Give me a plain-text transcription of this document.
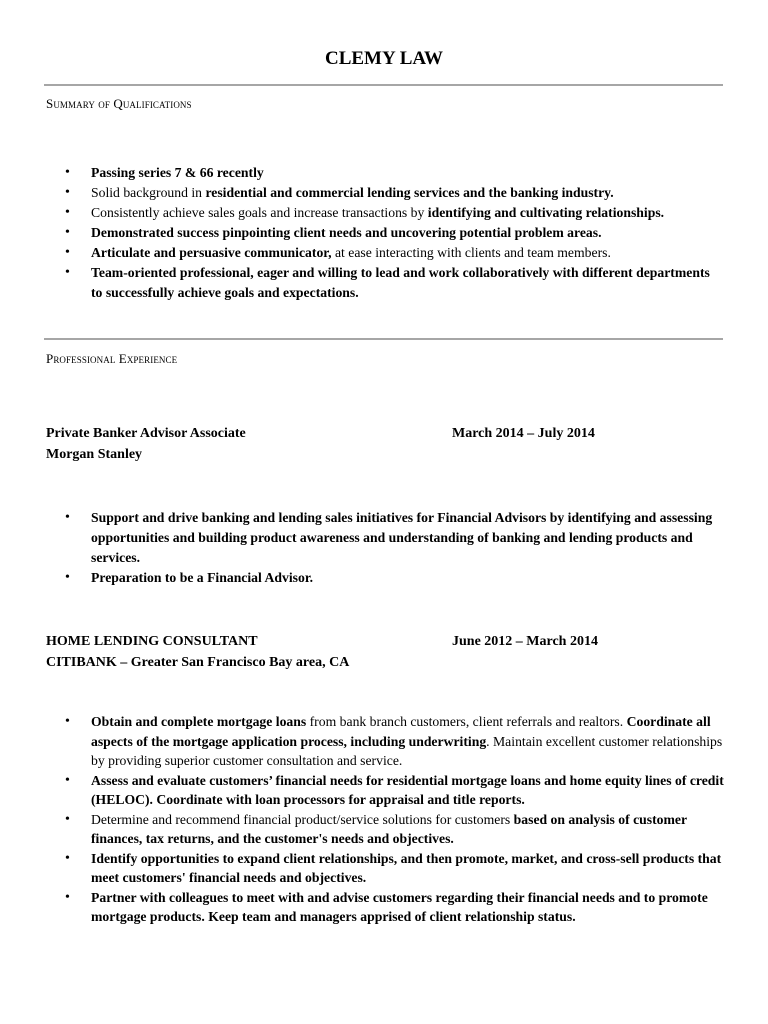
CLEMY LAW
Summary of Qualifications
• Passing series 7 & 66 recently
• Solid background in residential and commercial lending services and the banking industry.
• Consistently achieve sales goals and increase transactions by identifying and cultivating relationships.
• Demonstrated success pinpointing client needs and uncovering potential problem areas.
• Articulate and persuasive communicator, at ease interacting with clients and team members.
• Team-oriented professional, eager and willing to lead and work collaboratively with different departments to successfully achieve goals and expectations.
Professional Experience
Private Banker Advisor Associate	March 2014 – July 2014
Morgan Stanley
• Support and drive banking and lending sales initiatives for Financial Advisors by identifying and assessing opportunities and building product awareness and understanding of banking and lending products and services.
• Preparation to be a Financial Advisor.
HOME LENDING CONSULTANT	June 2012 – March 2014
CITIBANK – Greater San Francisco Bay area, CA
• Obtain and complete mortgage loans from bank branch customers, client referrals and realtors. Coordinate all aspects of the mortgage application process, including underwriting. Maintain excellent customer relationships by providing superior customer consultation and service.
• Assess and evaluate customers’ financial needs for residential mortgage loans and home equity lines of credit (HELOC). Coordinate with loan processors for appraisal and title reports.
• Determine and recommend financial product/service solutions for customers based on analysis of customer finances, tax returns, and the customer's needs and objectives.
• Identify opportunities to expand client relationships, and then promote, market, and cross-sell products that meet customers' financial needs and objectives.
• Partner with colleagues to meet with and advise customers regarding their financial needs and to promote mortgage products. Keep team and managers apprised of client relationship status.
